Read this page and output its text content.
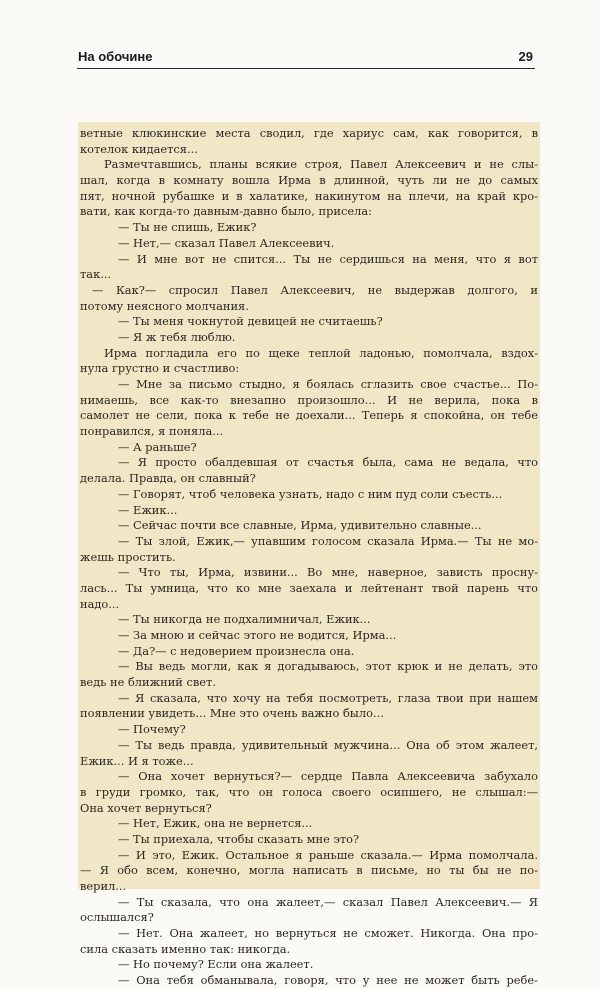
На обочине	29
ветные клюкинские места сводил, где хариус сам, как говорится, в
котелок кидается...
Размечтавшись, планы всякие строя, Павел Алексеевич и не слы-
шал, когда в комнату вошла Ирма в длинной, чуть ли не до самых
пят, ночной рубашке и в халатике, накинутом на плечи, на край кро-
вати, как когда-то давным-давно было, присела:
— Ты не спишь, Ежик?
— Нет,— сказал Павел Алексеевич.
— И мне вот не спится... Ты не сердишься на меня, что я вот
так...
— Как?— спросил Павел Алексеевич, не выдержав долгого, и
потому неясного молчания.
— Ты меня чокнутой девицей не считаешь?
— Я ж тебя люблю.
Ирма погладила его по щеке теплой ладонью, помолчала, вздох-
нула грустно и счастливо:
— Мне за письмо стыдно, я боялась сглазить свое счастье... По-
нимаешь, все как-то внезапно произошло... И не верила, пока в
самолет не сели, пока к тебе не доехали... Теперь я спокойна, он тебе
понравился, я поняла...
— А раньше?
— Я просто обалдевшая от счастья была, сама не ведала, что
делала. Правда, он славный?
— Говорят, чтоб человека узнать, надо с ним пуд соли съесть...
— Ежик...
— Сейчас почти все славные, Ирма, удивительно славные...
— Ты злой, Ежик,— упавшим голосом сказала Ирма.— Ты не мо-
жешь простить.
— Что ты, Ирма, извини... Во мне, наверное, зависть просну-
лась... Ты умница, что ко мне заехала и лейтенант твой парень что
надо...
— Ты никогда не подхалимничал, Ежик...
— За мною и сейчас этого не водится, Ирма...
— Да?— с недоверием произнесла она.
— Вы ведь могли, как я догадываюсь, этот крюк и не делать, это
ведь не ближний свет.
— Я сказала, что хочу на тебя посмотреть, глаза твои при нашем
появлении увидеть... Мне это очень важно было...
— Почему?
— Ты ведь правда, удивительный мужчина... Она об этом жалеет,
Ежик... И я тоже...
— Она хочет вернуться?— сердце Павла Алексеевича забухало
в груди громко, так, что он голоса своего осипшего, не слышал:—
Она хочет вернуться?
— Нет, Ежик, она не вернется...
— Ты приехала, чтобы сказать мне это?
— И это, Ежик. Остальное я раньше сказала.— Ирма помолчала.
— Я обо всем, конечно, могла написать в письме, но ты бы не по-
верил...
— Ты сказала, что она жалеет,— сказал Павел Алексеевич.— Я
ослышался?
— Нет. Она жалеет, но вернуться не сможет. Никогда. Она про-
сила сказать именно так: никогда.
— Но почему? Если она жалеет.
— Она тебя обманывала, говоря, что у нее не может быть ребе-
